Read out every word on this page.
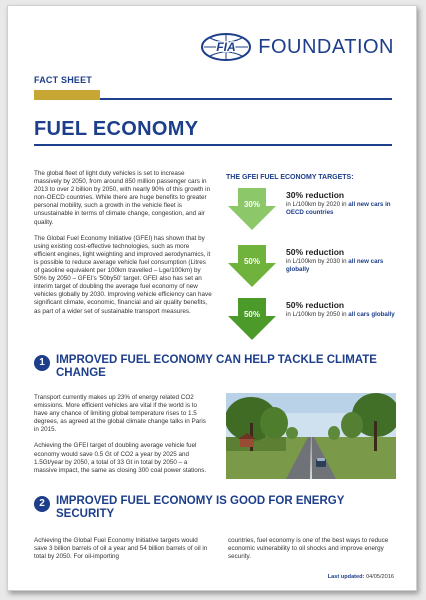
FIA FOUNDATION
FACT SHEET
FUEL ECONOMY

The global fleet of light duty vehicles is set to increase massively by 2050, from around 850 million passenger cars in 2013 to over 2 billion by 2050, with nearly 90% of this growth in non-OECD countries. While there are huge benefits to greater personal mobility, such a growth in the vehicle fleet is unsustainable in terms of climate change, congestion, and air quality.

The Global Fuel Economy Initiative (GFEI) has shown that by using existing cost-effective technologies, such as more efficient engines, light weighting and improved aerodynamics, it is possible to reduce average vehicle fuel consumption (Litres of gasoline equivalent per 100km travelled – Lge/100km) by 50% by 2050 – GFEI's '50by50' target. GFEI also has set an interim target of doubling the average fuel economy of new vehicles globally by 2030. Improving vehicle efficiency can have significant climate, economic, financial and air quality benefits, as part of a wider set of sustainable transport measures.

THE GFEI FUEL ECONOMY TARGETS:
30%
30% reduction
in L/100km by 2020 in all new cars in OECD countries
50%
50% reduction
in L/100km by 2030 in all new cars globally
50%
50% reduction
in L/100km by 2050 in all cars globally
1 IMPROVED FUEL ECONOMY CAN HELP TACKLE CLIMATE CHANGE

Transport currently makes up 23% of energy related CO2 emissions. More efficient vehicles are vital if the world is to have any chance of limiting global temperature rises to 1.5 degrees, as agreed at the global climate change talks in Paris in 2015.

Achieving the GFEI target of doubling average vehicle fuel economy would save 0.5 Gt of CO2 a year by 2025 and 1.5Gt/year by 2050, a total of 33 Gt in total by 2050 – a massive impact, the same as closing 300 coal power stations.

2 IMPROVED FUEL ECONOMY IS GOOD FOR ENERGY SECURITY
Achieving the Global Fuel Economy Initiative targets would save 3 billion barrels of oil a year and 54 billion barrels of oil in total by 2050. For oil-importing
countries, fuel economy is one of the best ways to reduce economic vulnerability to oil shocks and improve energy security.
Last updated: 04/05/2016
